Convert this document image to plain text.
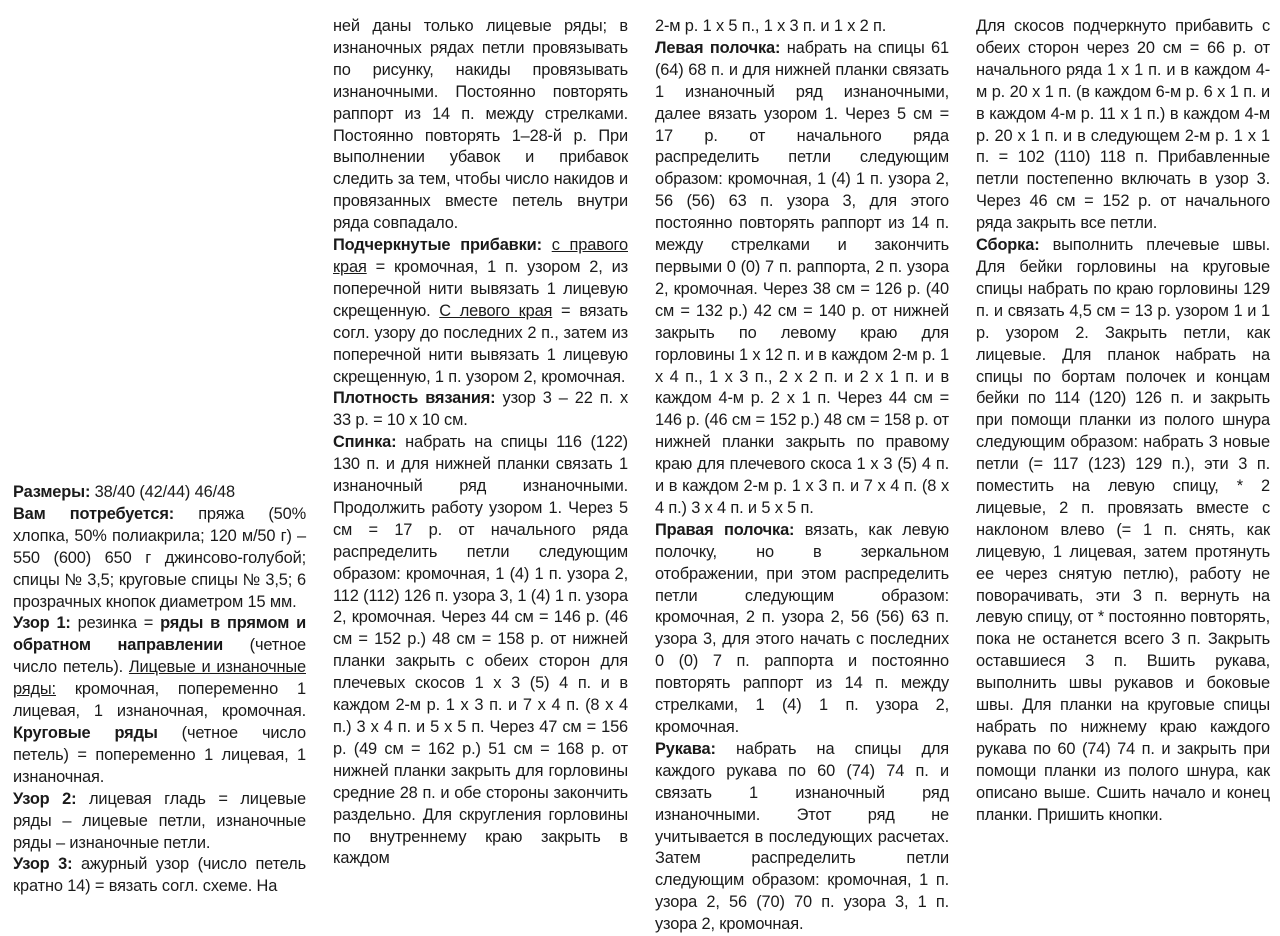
Размеры: 38/40 (42/44) 46/48

Вам потребуется: пряжа (50% хлопка, 50% полиакрила; 120 м/50 г) – 550 (600) 650 г джинсово-голубой; спицы № 3,5; круговые спицы № 3,5; 6 прозрачных кнопок диаметром 15 мм.

Узор 1: резинка = ряды в прямом и обратном направлении (четное число петель). Лицевые и изнаночные ряды: кромочная, попеременно 1 лицевая, 1 изнаночная, кромочная. Круговые ряды (четное число петель) = попеременно 1 лицевая, 1 изнаночная.

Узор 2: лицевая гладь = лицевые ряды – лицевые петли, изнаночные ряды – изнаночные петли.

Узор 3: ажурный узор (число петель кратно 14) = вязать согл. схеме. На

ней даны только лицевые ряды; в изнаночных рядах петли провязывать по рисунку, накиды провязывать изнаночными. Постоянно повторять раппорт из 14 п. между стрелками. Постоянно повторять 1–28-й р. При выполнении убавок и прибавок следить за тем, чтобы число накидов и провязанных вместе петель внутри ряда совпадало.

Подчеркнутые прибавки: с правого края = кромочная, 1 п. узором 2, из поперечной нити вывязать 1 лицевую скрещенную. С левого края = вязать согл. узору до последних 2 п., затем из поперечной нити вывязать 1 лицевую скрещенную, 1 п. узором 2, кромочная.

Плотность вязания: узор 3 – 22 п. х 33 р. = 10 х 10 см.

Спинка: набрать на спицы 116 (122) 130 п. и для нижней планки связать 1 изнаночный ряд изнаночными. Продолжить работу узором 1. Через 5 см = 17 р. от начального ряда распределить петли следующим образом: кромочная, 1 (4) 1 п. узора 2, 112 (112) 126 п. узора 3, 1 (4) 1 п. узора 2, кромочная. Через 44 см = 146 р. (46 см = 152 р.) 48 см = 158 р. от нижней планки закрыть с обеих сторон для плечевых скосов 1 х 3 (5) 4 п. и в каждом 2-м р. 1 х 3 п. и 7 х 4 п. (8 х 4 п.) 3 х 4 п. и 5 х 5 п. Через 47 см = 156 р. (49 см = 162 р.) 51 см = 168 р. от нижней планки закрыть для горловины средние 28 п. и обе стороны закончить раздельно. Для скругления горловины по внутреннему краю закрыть в каждом

2-м р. 1 х 5 п., 1 х 3 п. и 1 х 2 п.

Левая полочка: набрать на спицы 61 (64) 68 п. и для нижней планки связать 1 изнаночный ряд изнаночными, далее вязать узором 1. Через 5 см = 17 р. от начального ряда распределить петли следующим образом: кромочная, 1 (4) 1 п. узора 2, 56 (56) 63 п. узора 3, для этого постоянно повторять раппорт из 14 п. между стрелками и закончить первыми 0 (0) 7 п. раппорта, 2 п. узора 2, кромочная. Через 38 см = 126 р. (40 см = 132 р.) 42 см = 140 р. от нижней закрыть по левому краю для горловины 1 х 12 п. и в каждом 2-м р. 1 х 4 п., 1 х 3 п., 2 х 2 п. и 2 х 1 п. и в каждом 4-м р. 2 х 1 п. Через 44 см = 146 р. (46 см = 152 р.) 48 см = 158 р. от нижней планки закрыть по правому краю для плечевого скоса 1 х 3 (5) 4 п. и в каждом 2-м р. 1 х 3 п. и 7 х 4 п. (8 х 4 п.) 3 х 4 п. и 5 х 5 п.

Правая полочка: вязать, как левую полочку, но в зеркальном отображении, при этом распределить петли следующим образом: кромочная, 2 п. узора 2, 56 (56) 63 п. узора 3, для этого начать с последних 0 (0) 7 п. раппорта и постоянно повторять раппорт из 14 п. между стрелками, 1 (4) 1 п. узора 2, кромочная.

Рукава: набрать на спицы для каждого рукава по 60 (74) 74 п. и связать 1 изнаночный ряд изнаночными. Этот ряд не учитывается в последующих расчетах. Затем распределить петли следующим образом: кромочная, 1 п. узора 2, 56 (70) 70 п. узора 3, 1 п. узора 2, кромочная.

Для скосов подчеркнуто прибавить с обеих сторон через 20 см = 66 р. от начального ряда 1 х 1 п. и в каждом 4-м р. 20 х 1 п. (в каждом 6-м р. 6 х 1 п. и в каждом 4-м р. 11 х 1 п.) в каждом 4-м р. 20 х 1 п. и в следующем 2-м р. 1 х 1 п. = 102 (110) 118 п. Прибавленные петли постепенно включать в узор 3. Через 46 см = 152 р. от начального ряда закрыть все петли.

Сборка: выполнить плечевые швы. Для бейки горловины на круговые спицы набрать по краю горловины 129 п. и связать 4,5 см = 13 р. узором 1 и 1 р. узором 2. Закрыть петли, как лицевые. Для планок набрать на спицы по бортам полочек и концам бейки по 114 (120) 126 п. и закрыть при помощи планки из полого шнура следующим образом: набрать 3 новые петли (= 117 (123) 129 п.), эти 3 п. поместить на левую спицу, * 2 лицевые, 2 п. провязать вместе с наклоном влево (= 1 п. снять, как лицевую, 1 лицевая, затем протянуть ее через снятую петлю), работу не поворачивать, эти 3 п. вернуть на левую спицу, от * постоянно повторять, пока не останется всего 3 п. Закрыть оставшиеся 3 п. Вшить рукава, выполнить швы рукавов и боковые швы. Для планки на круговые спицы набрать по нижнему краю каждого рукава по 60 (74) 74 п. и закрыть при помощи планки из полого шнура, как описано выше. Сшить начало и конец планки. Пришить кнопки.
